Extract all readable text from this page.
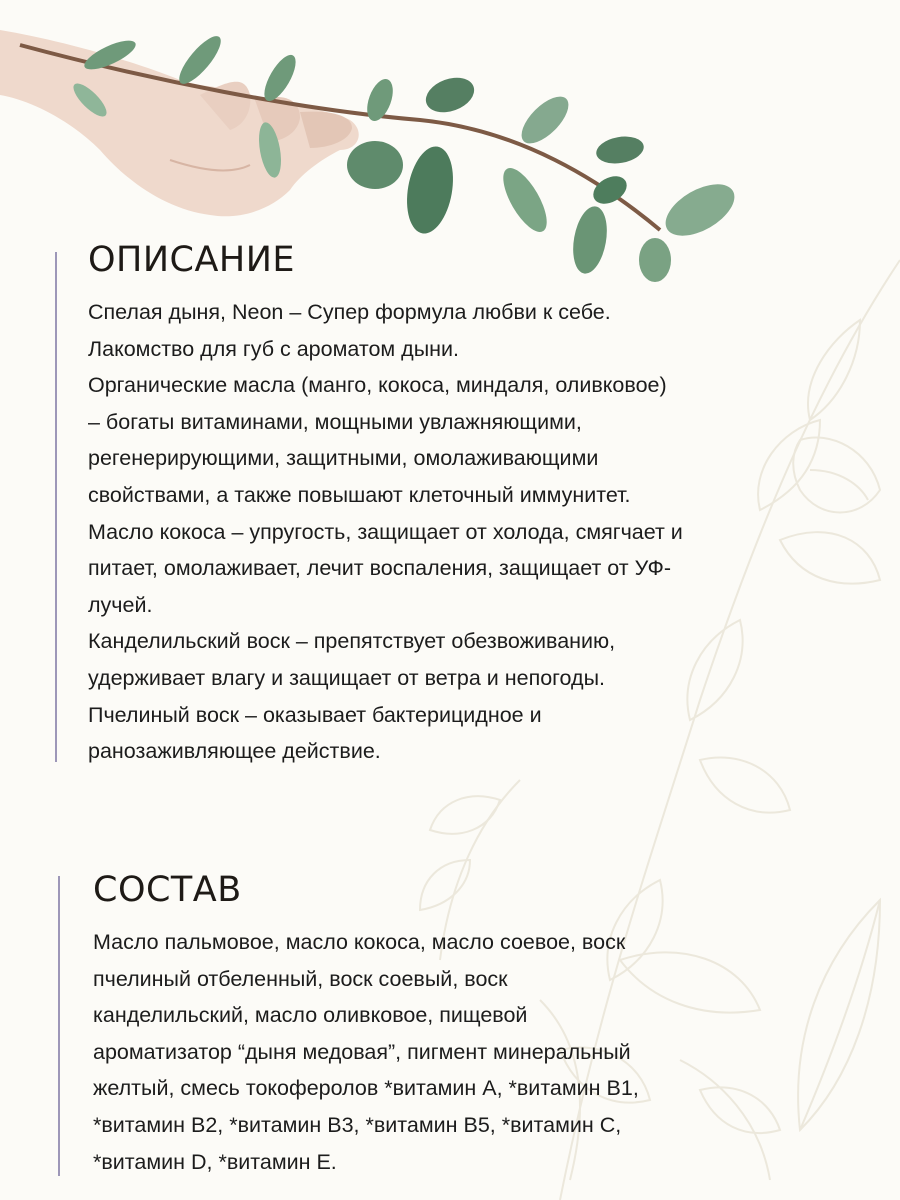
ОПИСАНИЕ

Спелая дыня, Neon – Супер формула любви к себе.
Лакомство для губ с ароматом дыни.
Органические масла (манго, кокоса, миндаля, оливковое)
– богаты витаминами, мощными увлажняющими,
регенерирующими, защитными, омолаживающими
свойствами, а также повышают клеточный иммунитет.
Масло кокоса – упругость, защищает от холода, смягчает и
питает, омолаживает, лечит воспаления, защищает от УФ-
лучей.
Канделильский воск – препятствует обезвоживанию,
удерживает влагу и защищает от ветра и непогоды.
Пчелиный воск – оказывает бактерицидное и
ранозаживляющее действие.

СОСТАВ

Масло пальмовое, масло кокоса, масло соевое, воск
пчелиный отбеленный, воск соевый, воск
канделильский, масло оливковое, пищевой
ароматизатор “дыня медовая”, пигмент минеральный
желтый, смесь токоферолов *витамин А, *витамин В1,
*витамин В2, *витамин В3, *витамин В5, *витамин С,
*витамин D, *витамин Е.
